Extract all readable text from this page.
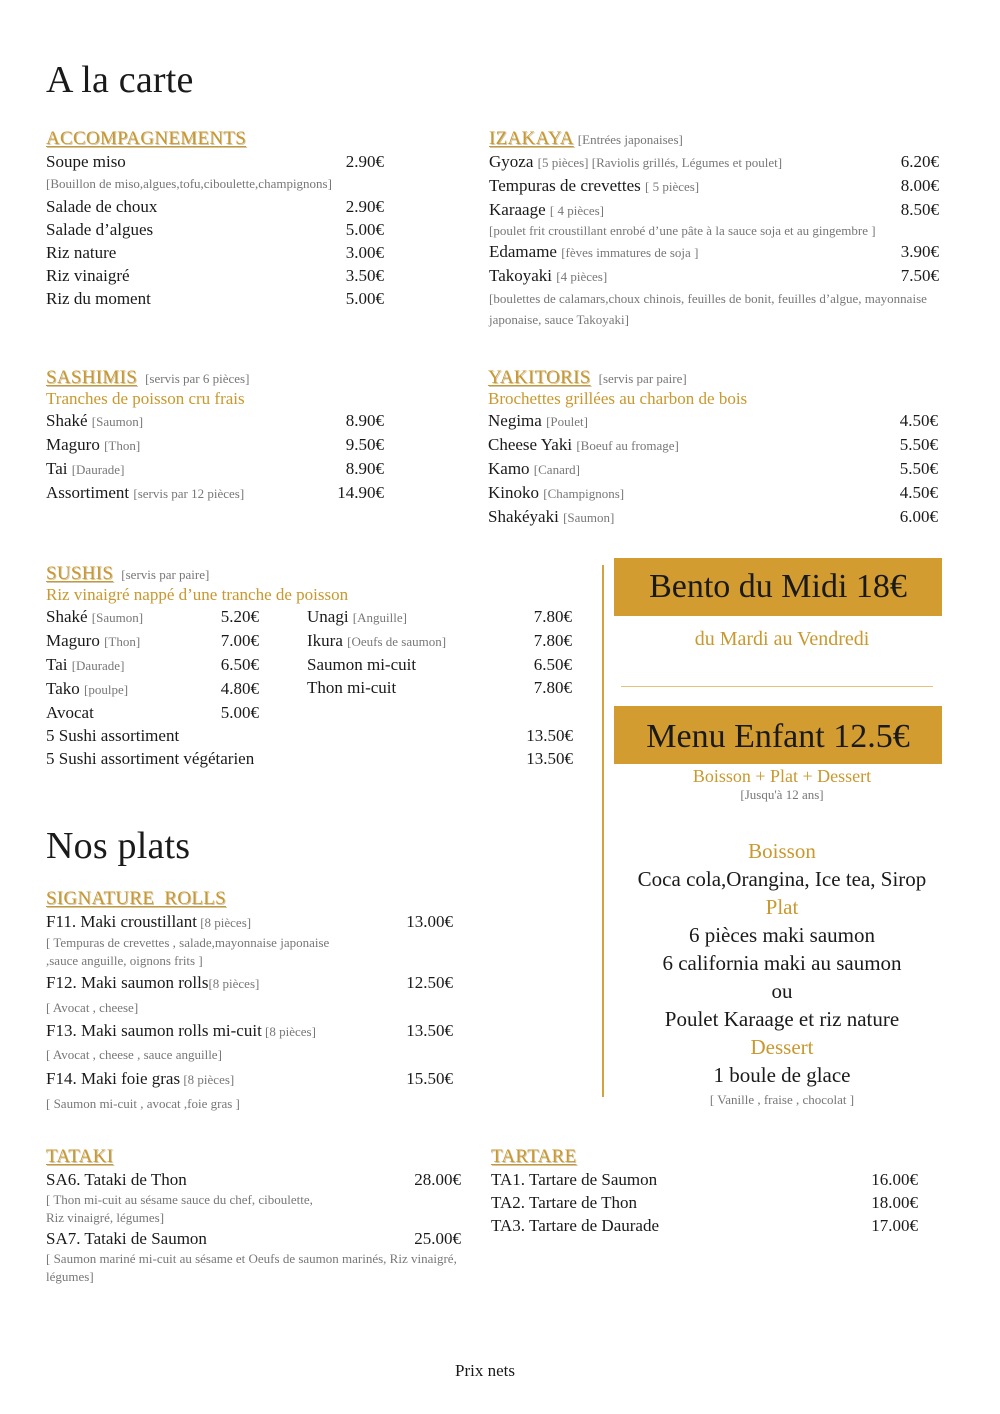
A la carte
ACCOMPAGNEMENTS
Soupe miso	2.90€
[Bouillon de miso,algues,tofu,ciboulette,champignons]
Salade de choux	2.90€
Salade d’algues	5.00€
Riz nature	3.00€
Riz vinaigré	3.50€
Riz du moment	5.00€
IZAKAYA [Entrées japonaises]
Gyoza [5 pièces] [Raviolis grillés, Légumes et poulet]	6.20€
Tempuras de crevettes [ 5 pièces]	8.00€
Karaage [ 4 pièces]	8.50€
[poulet frit croustillant enrobé d’une pâte à la sauce soja et au gingembre ]
Edamame [fèves immatures de soja ]	3.90€
Takoyaki [4 pièces]	7.50€
[boulettes de calamars,choux chinois, feuilles de bonit, feuilles d’algue, mayonnaise japonaise, sauce Takoyaki]
SASHIMIS [servis par 6 pièces]
Tranches de poisson cru frais
Shaké [Saumon]	8.90€
Maguro [Thon]	9.50€
Tai [Daurade]	8.90€
Assortiment [servis par 12 pièces]	14.90€
YAKITORIS [servis par paire]
Brochettes grillées au charbon de bois
Negima [Poulet]	4.50€
Cheese Yaki [Boeuf au fromage]	5.50€
Kamo [Canard]	5.50€
Kinoko [Champignons]	4.50€
Shakéyaki [Saumon]	6.00€
SUSHIS [servis par paire]
Riz vinaigré nappé d’une tranche de poisson
Shaké [Saumon]	5.20€
Maguro [Thon]	7.00€
Tai [Daurade]	6.50€
Tako [poulpe]	4.80€
Avocat	5.00€
Unagi [Anguille]	7.80€
Ikura [Oeufs de saumon]	7.80€
Saumon mi-cuit	6.50€
Thon mi-cuit	7.80€
5 Sushi assortiment	13.50€
5 Sushi assortiment végétarien	13.50€
Bento du Midi 18€
du Mardi au Vendredi
Menu Enfant 12.5€
Boisson + Plat + Dessert
[Jusqu'à 12 ans]
Boisson
Coca cola,Orangina, Ice tea, Sirop
Plat
6 pièces maki saumon
6 california maki au saumon
ou
Poulet Karaage et riz nature
Dessert
1 boule de glace
[ Vanille , fraise , chocolat ]
Nos plats
SIGNATURE  ROLLS
F11. Maki croustillant [8 pièces]	13.00€
[ Tempuras de crevettes , salade,mayonnaise japonaise ,sauce anguille, oignons frits ]
F12. Maki saumon rolls[8 pièces]	12.50€
[ Avocat , cheese]
F13. Maki saumon rolls mi-cuit [8 pièces]	13.50€
[ Avocat , cheese , sauce anguille]
F14. Maki foie gras [8 pièces]	15.50€
[ Saumon mi-cuit , avocat ,foie gras ]
TATAKI
SA6. Tataki de Thon	28.00€
[ Thon mi-cuit au sésame sauce du chef, ciboulette, Riz vinaigré, légumes]
SA7. Tataki de Saumon	25.00€
[ Saumon mariné mi-cuit au sésame et Oeufs de saumon marinés, Riz vinaigré, légumes]
TARTARE
TA1. Tartare de Saumon	16.00€
TA2. Tartare de Thon	18.00€
TA3. Tartare de Daurade	17.00€
Prix nets
